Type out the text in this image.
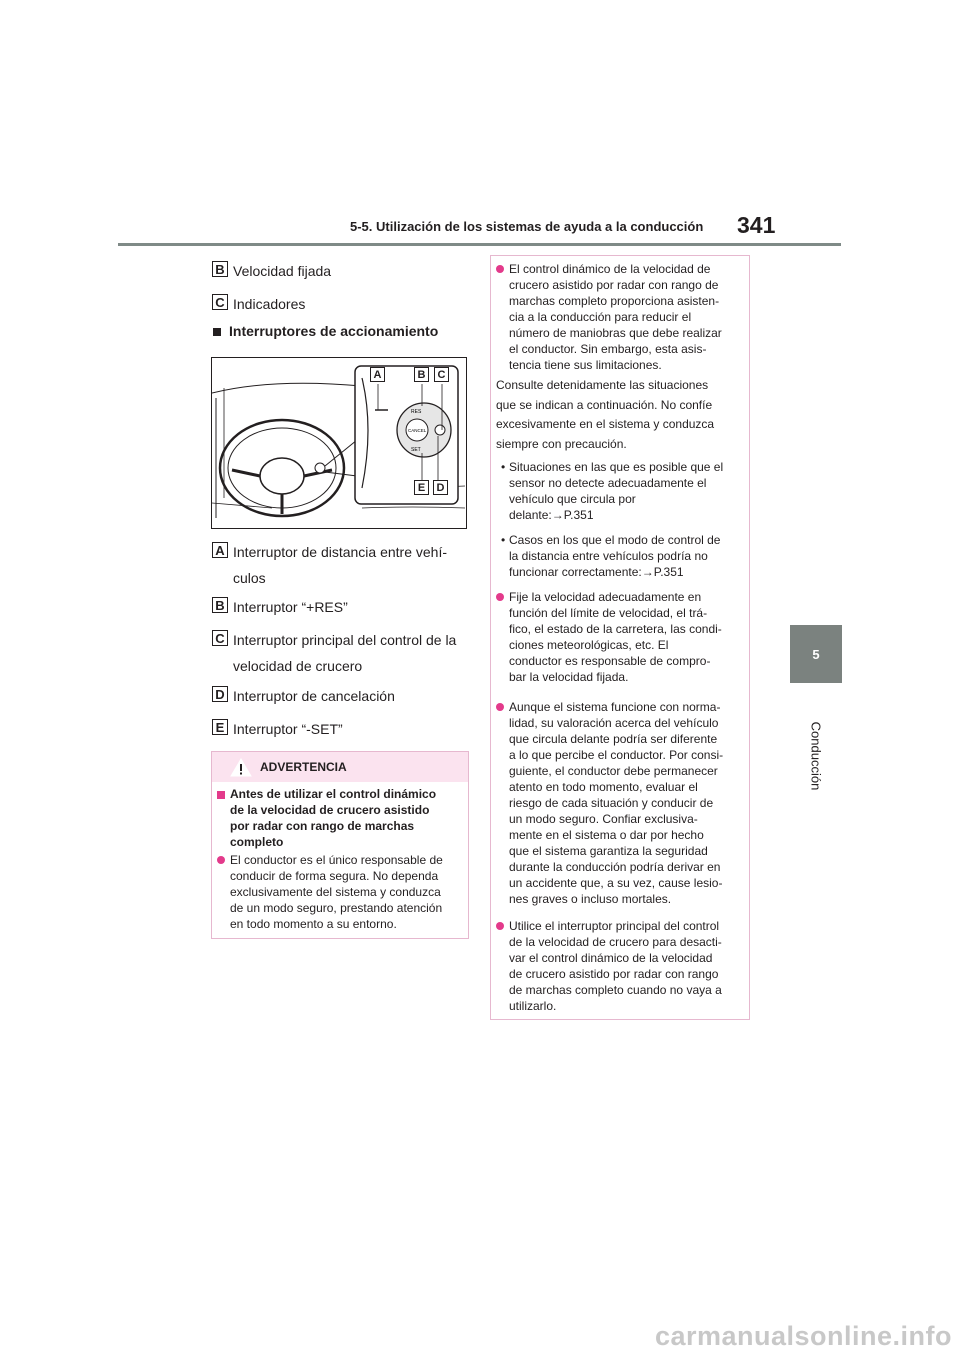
5-5. Utilización de los sistemas de ayuda a la conducción 341
5
Conducción
B Velocidad fijada
C Indicadores
Interruptores de accionamiento
RES
CANCEL
SET
A	B	C
E	D
A Interruptor de distancia entre vehí-
culos
B Interruptor “+RES”
C Interruptor principal del control de la
velocidad de crucero
D Interruptor de cancelación
E Interruptor “-SET”
ADVERTENCIA
Antes de utilizar el control dinámico
de la velocidad de crucero asistido
por radar con rango de marchas
completo
El conductor es el único responsable de
conducir de forma segura. No dependa
exclusivamente del sistema y conduzca
de un modo seguro, prestando atención
en todo momento a su entorno.
El control dinámico de la velocidad de
crucero asistido por radar con rango de
marchas completo proporciona asisten-
cia a la conducción para reducir el
número de maniobras que debe realizar
el conductor. Sin embargo, esta asis-
tencia tiene sus limitaciones.
Consulte detenidamente las situaciones
que se indican a continuación. No confíe
excesivamente en el sistema y conduzca
siempre con precaución.
• Situaciones en las que es posible que el
sensor no detecte adecuadamente el
vehículo que circula por
delante:→P.351
• Casos en los que el modo de control de
la distancia entre vehículos podría no
funcionar correctamente:→P.351
Fije la velocidad adecuadamente en
función del límite de velocidad, el trá-
fico, el estado de la carretera, las condi-
ciones meteorológicas, etc. El
conductor es responsable de compro-
bar la velocidad fijada.
Aunque el sistema funcione con norma-
lidad, su valoración acerca del vehículo
que circula delante podría ser diferente
a lo que percibe el conductor. Por consi-
guiente, el conductor debe permanecer
atento en todo momento, evaluar el
riesgo de cada situación y conducir de
un modo seguro. Confiar exclusiva-
mente en el sistema o dar por hecho
que el sistema garantiza la seguridad
durante la conducción podría derivar en
un accidente que, a su vez, cause lesio-
nes graves o incluso mortales.
Utilice el interruptor principal del control
de la velocidad de crucero para desacti-
var el control dinámico de la velocidad
de crucero asistido por radar con rango
de marchas completo cuando no vaya a
utilizarlo.
carmanualsonline.info
